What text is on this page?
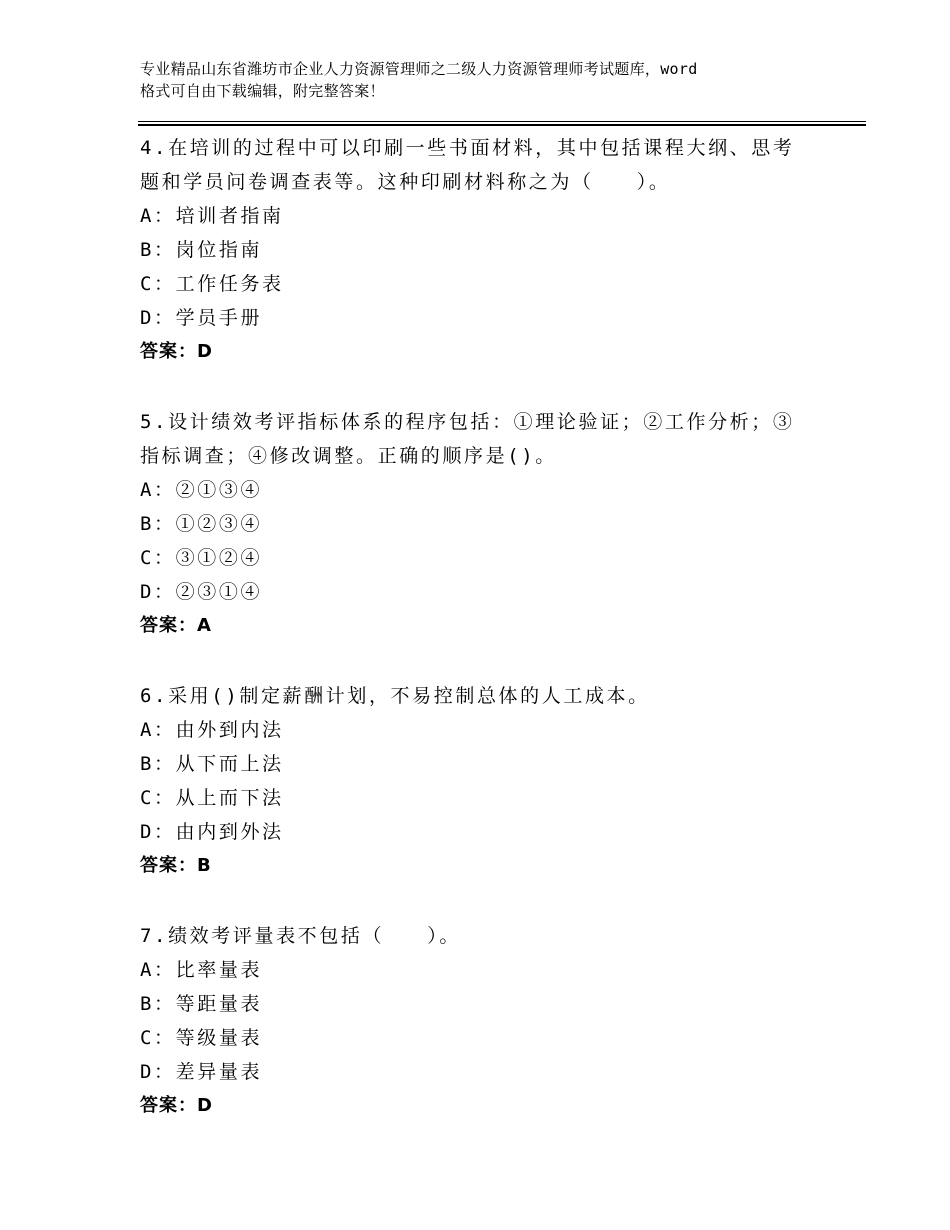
专业精品山东省潍坊市企业人力资源管理师之二级人力资源管理师考试题库，word
格式可自由下载编辑，附完整答案！
4.在培训的过程中可以印刷一些书面材料，其中包括课程大纲、思考
题和学员问卷调查表等。这种印刷材料称之为（　　）。
A：培训者指南
B：岗位指南
C：工作任务表
D：学员手册
答案：D
5.设计绩效考评指标体系的程序包括：①理论验证；②工作分析；③
指标调查；④修改调整。正确的顺序是()。
A：②①③④
B：①②③④
C：③①②④
D：②③①④
答案：A
6.采用()制定薪酬计划，不易控制总体的人工成本。
A：由外到内法
B：从下而上法
C：从上而下法
D：由内到外法
答案：B
7.绩效考评量表不包括（　　）。
A：比率量表
B：等距量表
C：等级量表
D：差异量表
答案：D
